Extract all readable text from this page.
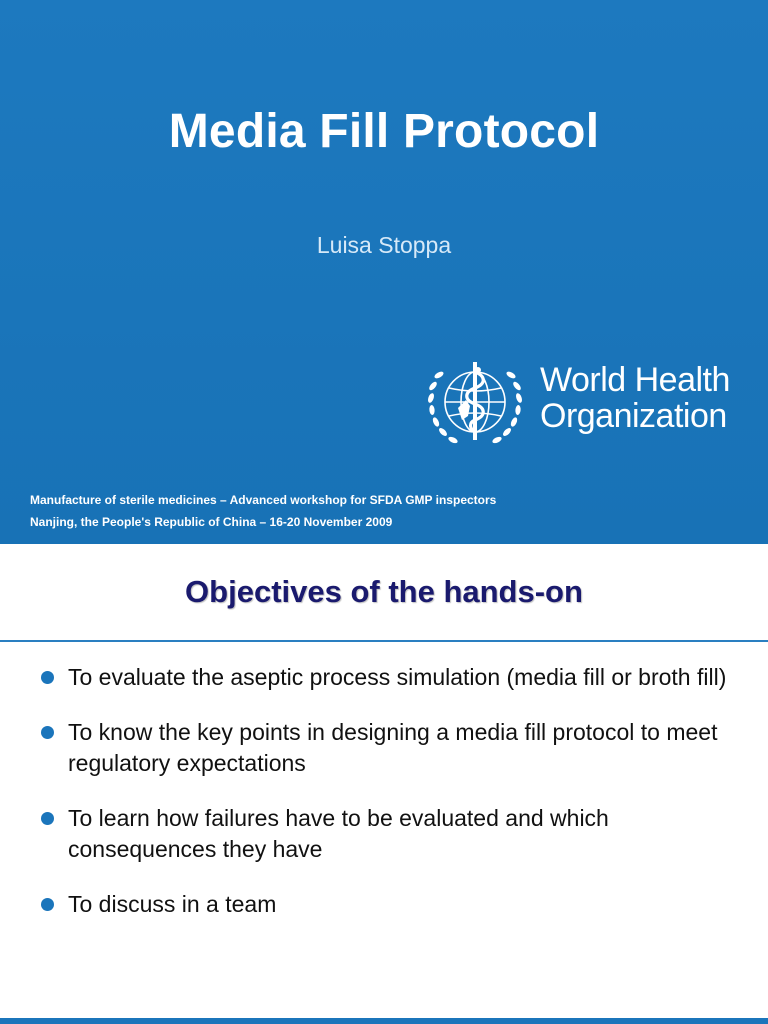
Media Fill Protocol
Luisa Stoppa
World Health
Organization
Manufacture of sterile medicines – Advanced workshop for SFDA GMP inspectors
Nanjing, the People's Republic of China – 16-20 November 2009
Objectives of the hands-on
To evaluate the aseptic process simulation (media fill or broth fill)
To know the key points in designing a media fill protocol to meet regulatory expectations
To learn how failures have to be evaluated and which consequences they have
To discuss in a team
